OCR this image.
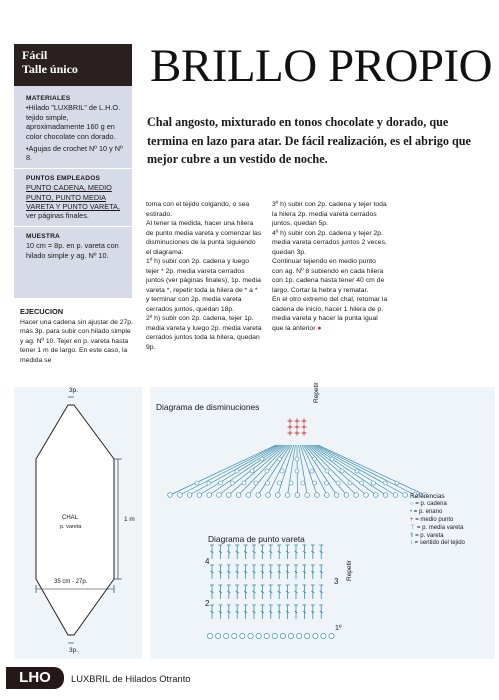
Fácil
Talle único	BRILLO PROPIO
MATERIALES
•Hilado "LUXBRIL" de L.H.O. tejido simple, aproximadamente 160 g en color chocolate con dorado.
•Agujas de crochet Nº 10 y Nº 8.
PUNTOS EMPLEADOS
PUNTO CADENA, MEDIO PUNTO, PUNTO MEDIA VARETA Y PUNTO VARETA, ver páginas finales.
MUESTRA
10 cm = 8p. en p. vareta con hilado simple y ag. Nº 10.
Chal angosto, mixturado en tonos chocolate y dorado, que termina en lazo para atar. De fácil realización, es el abrigo que mejor cubre a un vestido de noche.
EJECUCION
Hacer una cadena sin ajustar de 27p. más 3p. para subir con hilado simple y ag. Nº 10. Tejer en p. vareta hasta tener 1 m de largo. En este caso, la medida se
toma con el tejido colgando, o sea estirado.
Al tener la medida, hacer una hilera de punto media vareta y comenzar las disminuciones de la punta siguiendo el diagrama:
1º h) subir con 2p. cadena y luego tejer * 2p. media vareta cerrados juntos (ver páginas finales), 1p. media vareta *, repetir toda la hilera de * a * y terminar con 2p. media vareta cerrados juntos, quedan 18p.
2º h) subir con 2p. cadena, tejer 1p. media vareta y luego 2p. media vareta cerrados juntos toda la hilera, quedan 9p.
3º h) subir con 2p. cadena y tejer toda la hilera 2p. media vareta cerrados juntos, quedan 5p.
4º h) subir con 2p. cadena y tejer 2p. media vareta cerrados juntos 2 veces, quedan 3p.
Continuar tejiendo en medio punto con ag. Nº 8 subiendo en cada hilera con 1p. cadena hasta tener 40 cm de largo. Cortar la hebra y rematar.
En el otro extremo del chal, retomar la cadena de inicio, hacer 1 hilera de p. media vareta y hacer la punta igual que la anterior ●
3p.
3p.
CHAL
p. vareta
1 m
35 cm - 27p.
Diagrama de disminuciones
Repetir
Diagrama de punto vareta
4
2
3
1º
Repetir
Referencias
○ = p. cadena
• = p. enano
+ = medio punto
⊤ = p. media vareta
⫪ = p. vareta
↕ = sentido del tejido
LHO	LUXBRIL de Hilados Otranto
